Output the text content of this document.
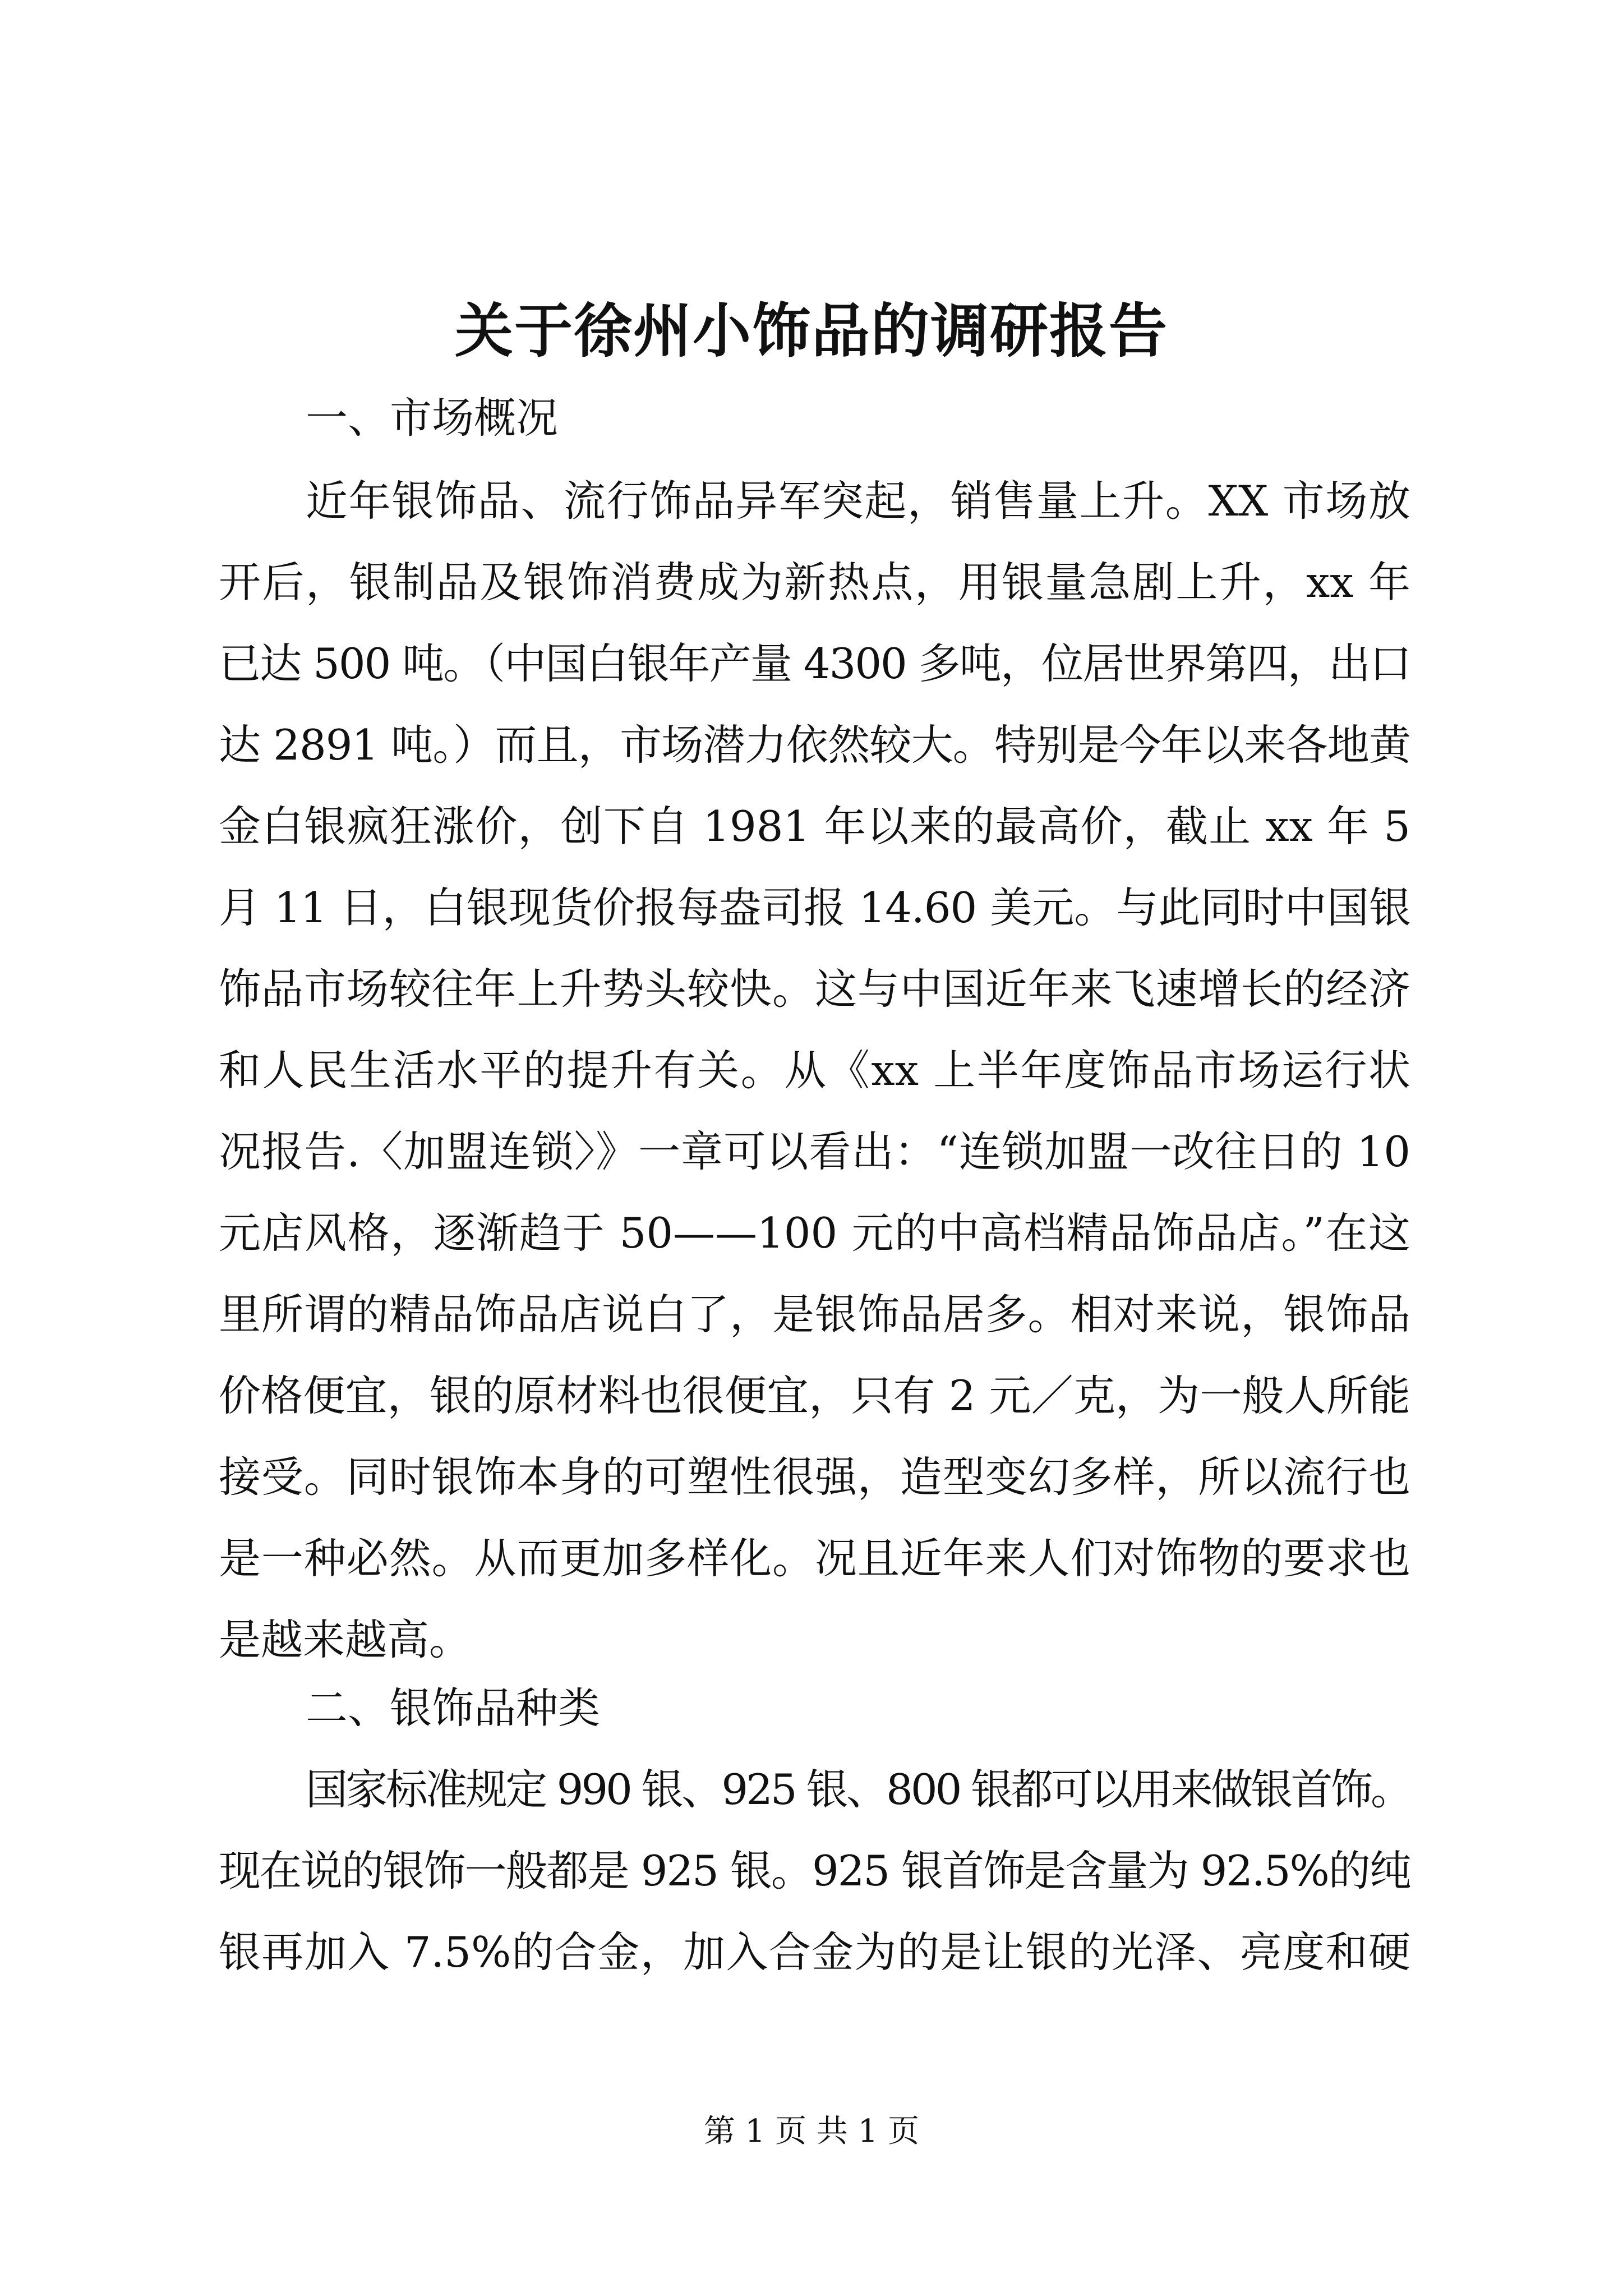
关于徐州小饰品的调研报告
一、市场概况
近年银饰品、流行饰品异军突起，销售量上升。XX 市场放
开后，银制品及银饰消费成为新热点，用银量急剧上升，xx 年
已达 500 吨。（中国白银年产量 4300 多吨，位居世界第四，出口
达 2891 吨。）而且，市场潜力依然较大。特别是今年以来各地黄
金白银疯狂涨价，创下自 1981 年以来的最高价，截止 xx 年 5
月 11 日，白银现货价报每盎司报 14.60 美元。与此同时中国银
饰品市场较往年上升势头较快。这与中国近年来飞速增长的经济
和人民生活水平的提升有关。从《xx 上半年度饰品市场运行状
况报告.〈加盟连锁〉》一章可以看出：“连锁加盟一改往日的 10
元店风格，逐渐趋于 50——100 元的中高档精品饰品店。”在这
里所谓的精品饰品店说白了，是银饰品居多。相对来说，银饰品
价格便宜，银的原材料也很便宜，只有 2 元／克，为一般人所能
接受。同时银饰本身的可塑性很强，造型变幻多样，所以流行也
是一种必然。从而更加多样化。况且近年来人们对饰物的要求也
是越来越高。
二、银饰品种类
国家标准规定 990 银、925 银、800 银都可以用来做银首饰。
现在说的银饰一般都是 925 银。925 银首饰是含量为 92.5%的纯
银再加入 7.5%的合金，加入合金为的是让银的光泽、亮度和硬
第 1 页 共 1 页
